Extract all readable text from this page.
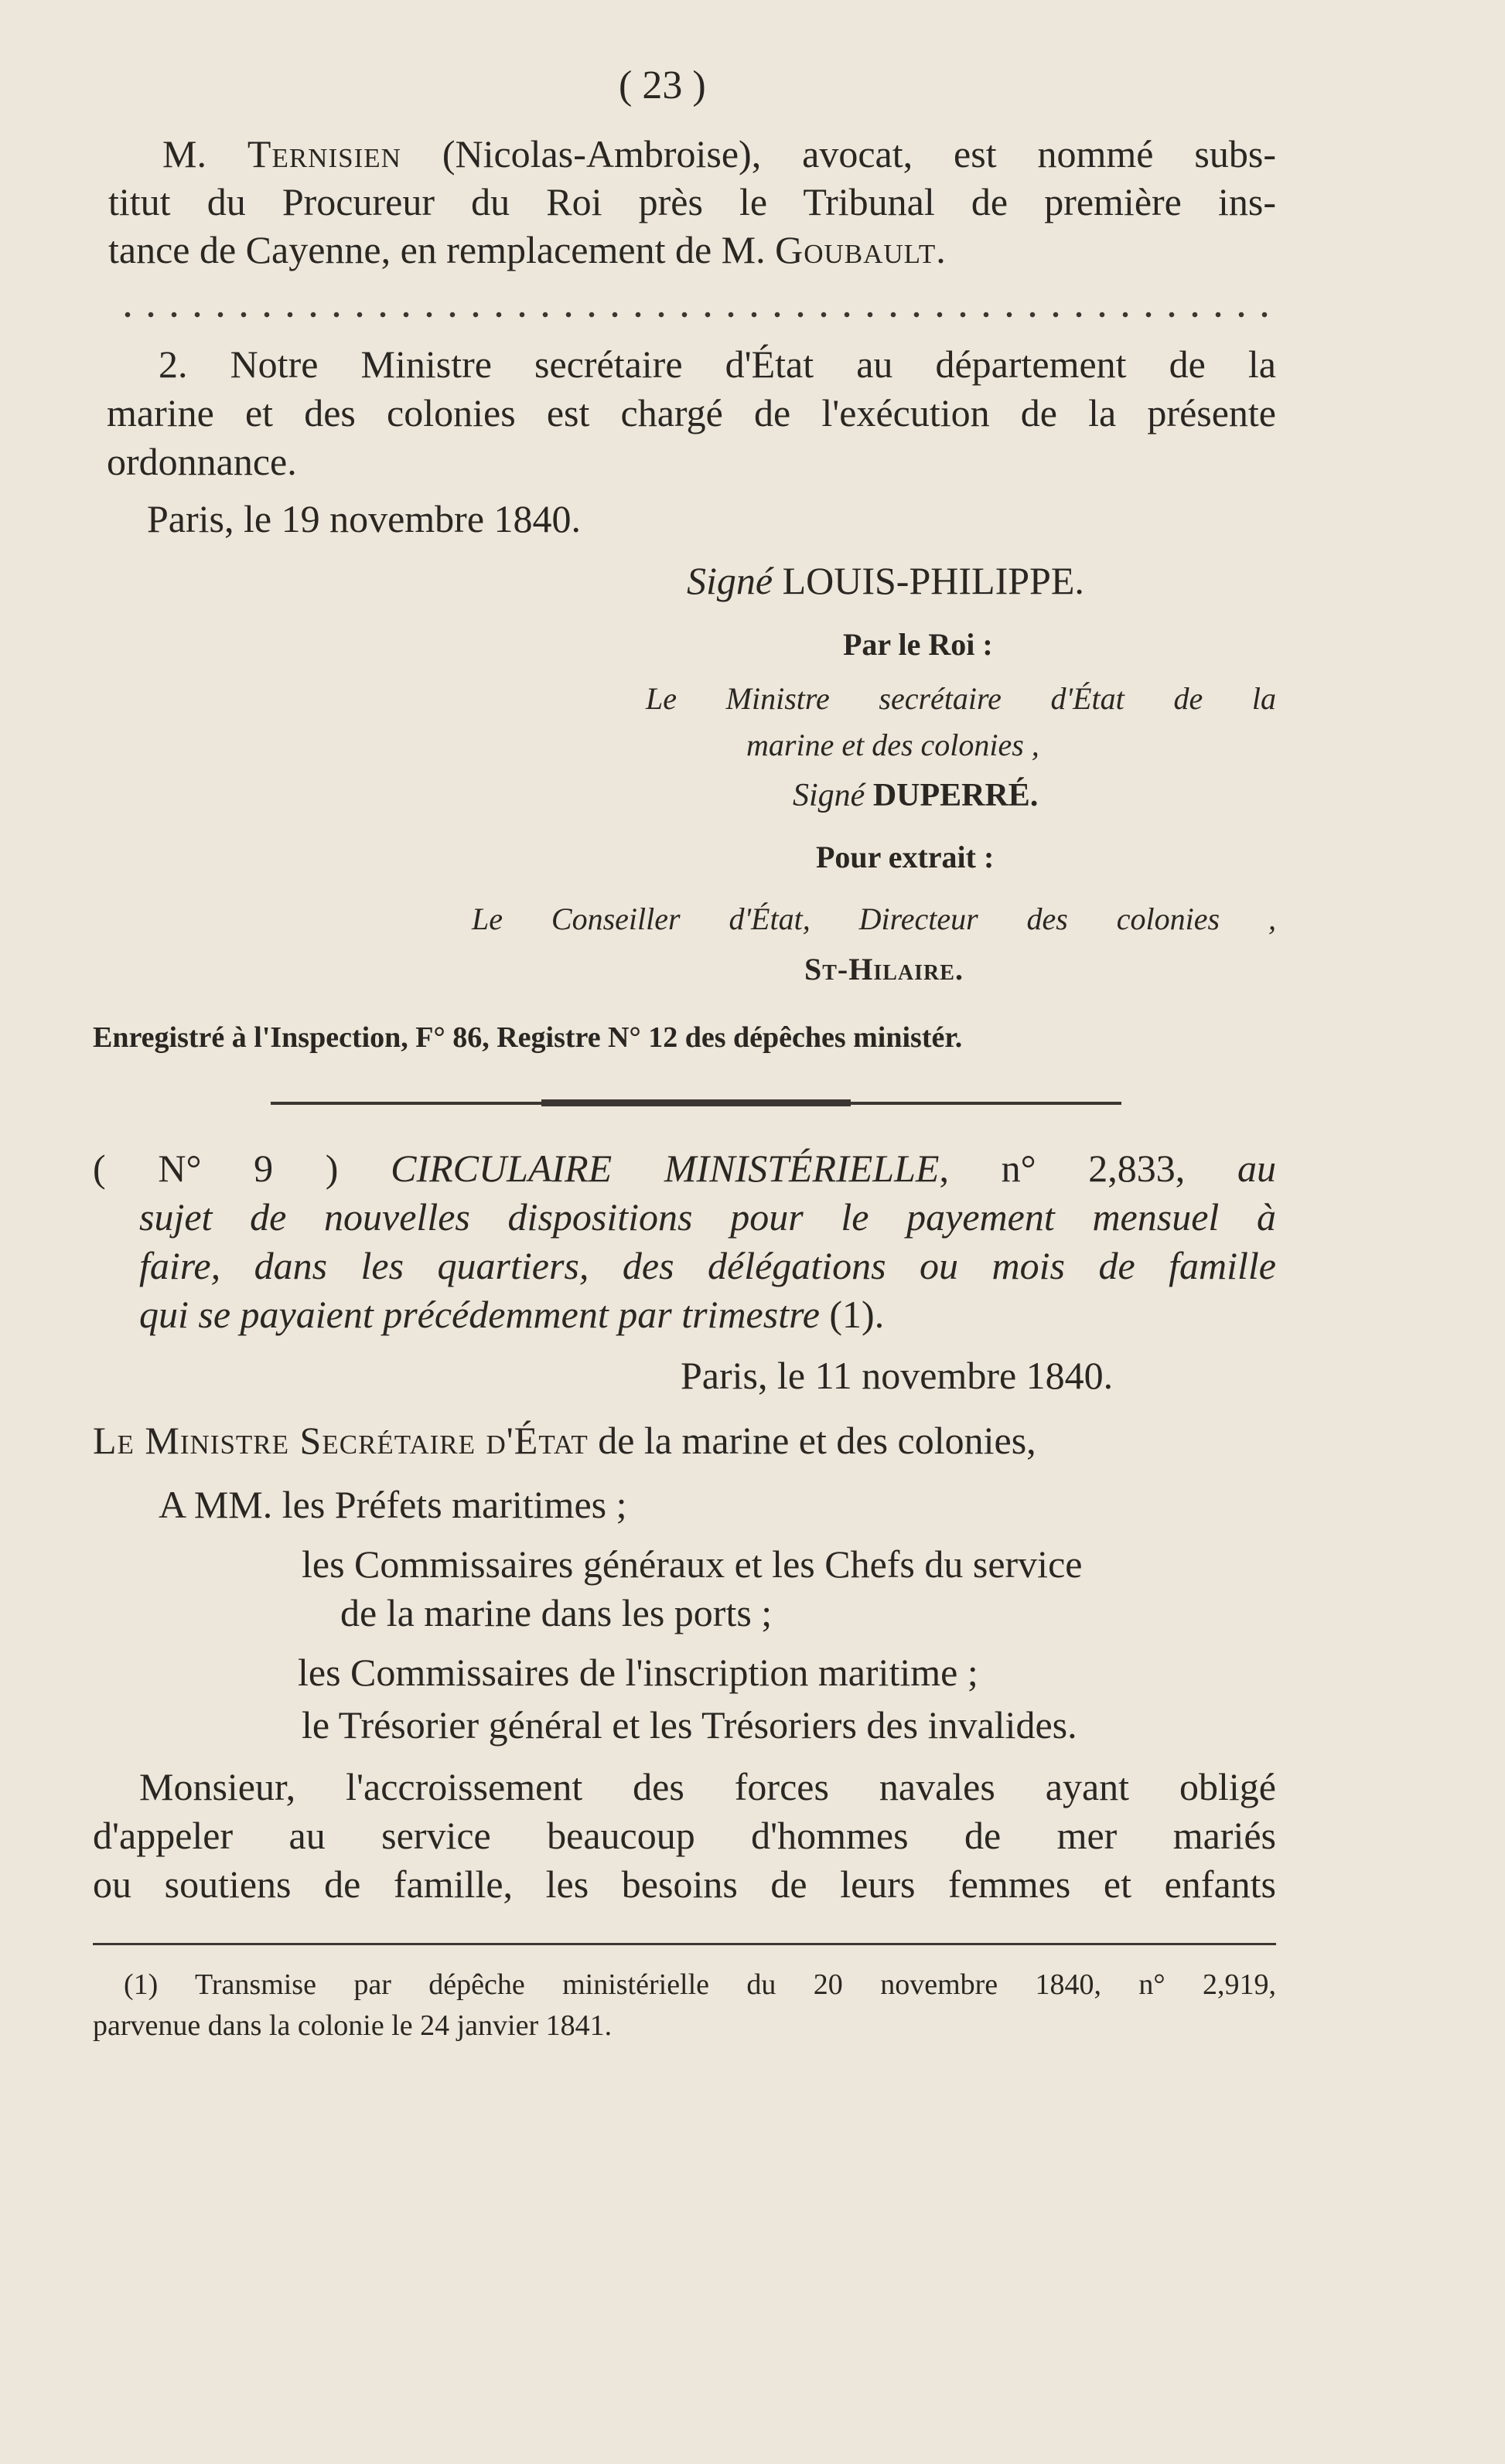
( 23 )
M. Ternisien (Nicolas-Ambroise), avocat, est nommé subs-
titut du Procureur du Roi près le Tribunal de première ins-
tance de Cayenne, en remplacement de M. Goubault.
2. Notre Ministre secrétaire d'État au département de la
marine et des colonies est chargé de l'exécution de la présente
ordonnance.
Paris, le 19 novembre 1840.
Signé LOUIS-PHILIPPE.
Par le Roi :
Le Ministre secrétaire d'État de la
marine et des colonies ,
Signé DUPERRÉ.
Pour extrait :
Le Conseiller d'État, Directeur des colonies ,
St-Hilaire.
Enregistré à l'Inspection, F° 86, Registre N° 12 des dépêches ministér.
( N° 9 ) CIRCULAIRE MINISTÉRIELLE, n° 2,833, au
sujet de nouvelles dispositions pour le payement mensuel à
faire, dans les quartiers, des délégations ou mois de famille
qui se payaient précédemment par trimestre (1).
Paris, le 11 novembre 1840.
Le Ministre Secrétaire d'État de la marine et des colonies,
A MM. les Préfets maritimes ;
les Commissaires généraux et les Chefs du service
de la marine dans les ports ;
les Commissaires de l'inscription maritime ;
le Trésorier général et les Trésoriers des invalides.
Monsieur, l'accroissement des forces navales ayant obligé
d'appeler au service beaucoup d'hommes de mer mariés
ou soutiens de famille, les besoins de leurs femmes et enfants
(1) Transmise par dépêche ministérielle du 20 novembre 1840, n° 2,919,
parvenue dans la colonie le 24 janvier 1841.
